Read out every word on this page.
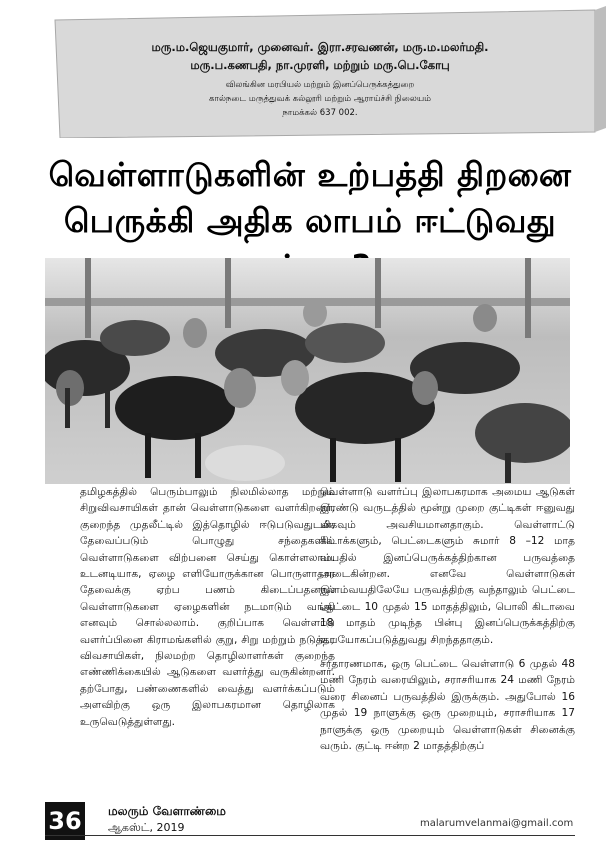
மரு.ம.ஜெயகுமார், முனைவர். இரா.சரவணன், மரு.ம.மலர்மதி.
மரு.ப.கணபதி, நா.முரளி, மற்றும் மரு.பெ.கோபு
விலங்கின மரபியல் மற்றும் இனப்பெருக்கத்துறை
கால்நடை மருத்துவக் கல்லூரி மற்றும் ஆராய்ச்சி நிலையம்
நாமக்கல் 637 002.
வெள்ளாடுகளின் உற்பத்தி திறனை
பெருக்கி அதிக லாபம் ஈட்டுவது

தமிழகத்தில் பெரும்பாலும் நிலமில்லாத மற்றும் சிறுவிவசாயிகள் தான் வெள்ளாடுகளை வளர்கிறனர். குறைந்த முதலீட்டில் இத்தொழில் ஈடுபடுவதுடன், தேவைப்படும் பொழுது சந்தைகளில் வெள்ளாடுகளை விற்பனை செய்து கொள்ளலாம். உடனடியாக, ஏழை எளியோருக்கான பொருளாதார தேவைக்கு ஏற்ப பணம் கிடைப்பதனால் வெள்ளாடுகளை ஏழைகளின் நடமாடும் வங்கி எனவும் சொல்லலாம். குறிப்பாக வெள்ளாடு வளர்ப்பினை கிராமங்களில் குறு, சிறு மற்றும் நடுத்தர விவசாயிகள், நிலமற்ற தொழிலாளர்கள் குறைந்த எண்ணிக்கையில் ஆடுகளை வளர்த்து வருகின்றனர். தற்போது, பண்ணைகளில் வைத்து வளர்க்கப்படும் அளவிற்கு ஒரு இலாபகரமான தொழிலாக உருவெடுத்துள்ளது.

வெள்ளாடு வளர்ப்பு இலாபகரமாக அமைய ஆடுகள் இரண்டு வருடத்தில் மூன்று முறை குட்டிகள் ஈனுவது மிகவும் அவசியமானதாகும். வெள்ளாட்டு கிடாக்களும், பெட்டைகளும் சுமார் 8 –12 மாத வயதில் இனப்பெருக்கத்திற்கான பருவத்தை அடைகின்றன. எனவே வெள்ளாடுகள் இளம்வயதிலேயே பருவத்திற்கு வந்தாலும் பெட்டை ஆட்டை 10 முதல் 15 மாதத்திலும், பொலி கிடாவை 18 மாதம் முடிந்த பின்பு இனப்பெருக்கத்திற்கு உபயோகப்படுத்துவது சிறந்ததாகும்.

சாதாரணமாக, ஒரு பெட்டை வெள்ளாடு 6 முதல் 48 மணி நேரம் வரையிலும், சராசரியாக 24 மணி நேரம் வரை சினைப் பருவத்தில் இருக்கும். அதுபோல் 16 முதல் 19 நாளுக்கு ஒரு முறையும், சராசரியாக 17 நாளுக்கு ஒரு முறையும் வெள்ளாடுகள் சினைக்கு வரும். குட்டி ஈன்ற 2 மாதத்திற்குப்

36 மலரும் வேளாண்மை
ஆகஸ்ட், 2019	malarumvelanmai@gmail.com
